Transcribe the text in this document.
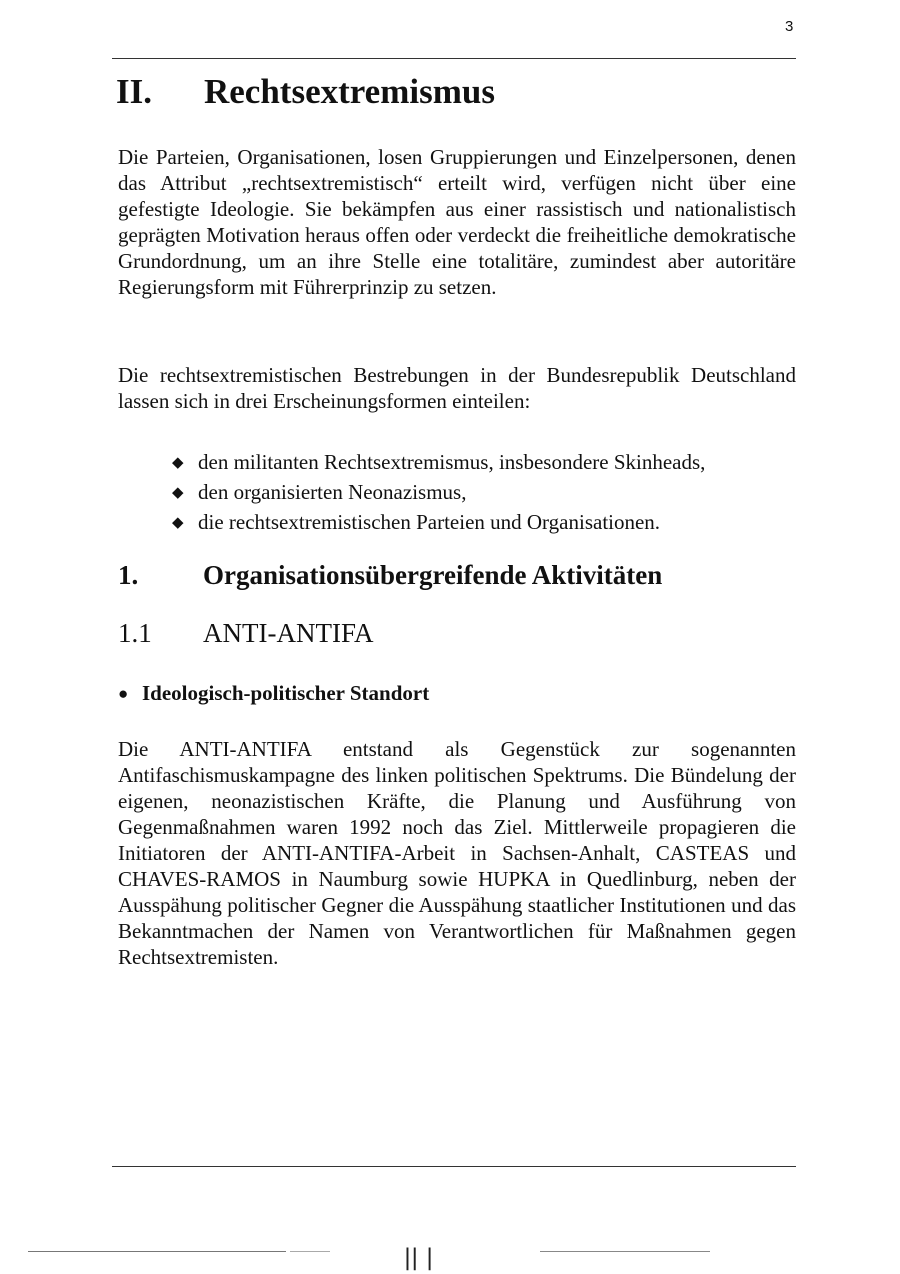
3
II. Rechtsextremismus

Die Parteien, Organisationen, losen Gruppierungen und Einzelpersonen, denen das Attribut „rechtsextremistisch“ erteilt wird, verfügen nicht über eine gefestigte Ideologie. Sie bekämpfen aus einer rassistisch und nationalistisch geprägten Motivation heraus offen oder verdeckt die freiheitliche demokratische Grundordnung, um an ihre Stelle eine totalitäre, zumindest aber autoritäre Regierungsform mit Führerprinzip zu setzen.

Die rechtsextremistischen Bestrebungen in der Bundesrepublik Deutschland lassen sich in drei Erscheinungsformen einteilen:

◆ den militanten Rechtsextremismus, insbesondere Skinheads,
◆ den organisierten Neonazismus,
◆ die rechtsextremistischen Parteien und Organisationen.
1. Organisationsübergreifende Aktivitäten
1.1 ANTI-ANTIFA
● Ideologisch-politischer Standort

Die ANTI-ANTIFA entstand als Gegenstück zur sogenannten Antifaschismuskampagne des linken politischen Spektrums. Die Bündelung der eigenen, neonazistischen Kräfte, die Planung und Ausführung von Gegenmaßnahmen waren 1992 noch das Ziel. Mittlerweile propagieren die Initiatoren der ANTI-ANTIFA-Arbeit in Sachsen-Anhalt, CASTEAS und CHAVES-RAMOS in Naumburg sowie HUPKA in Quedlinburg, neben der Ausspähung politischer Gegner die Ausspähung staatlicher Institutionen und das Bekanntmachen der Namen von Verantwortlichen für Maßnahmen gegen Rechtsextremisten.

|| |
